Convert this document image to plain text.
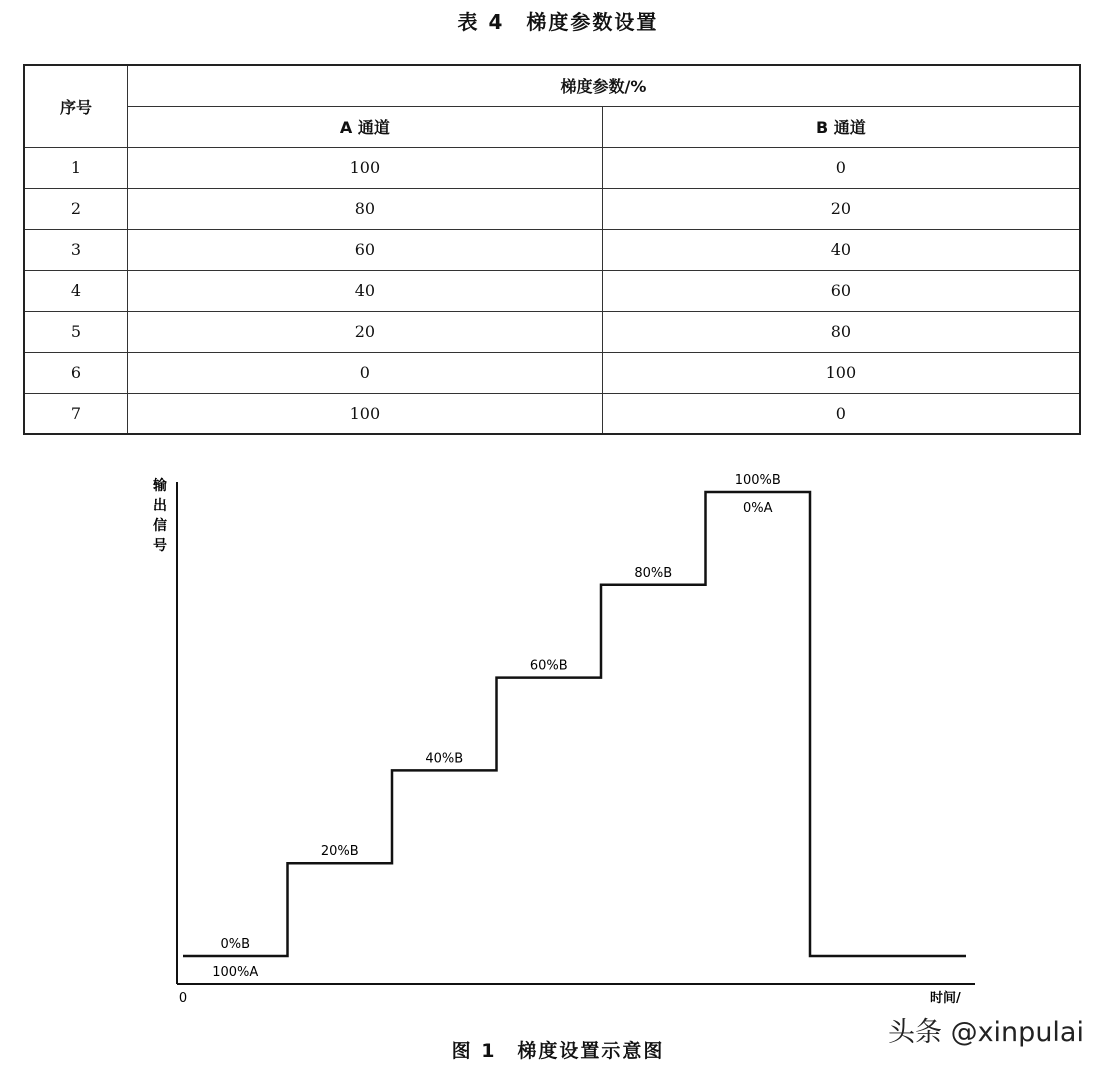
表 4　梯度参数设置
序号	梯度参数/%	
	A 通道	B 通道
1	100	0
2	80	20
3	60	40
4	40	60
5	20	80
6	0	100
7	100	0
0	时间/
输出信号
0%B
100%A
20%B
40%B
60%B
80%B
100%B
0%A
图 1　梯度设置示意图
头条 @xinpulai
